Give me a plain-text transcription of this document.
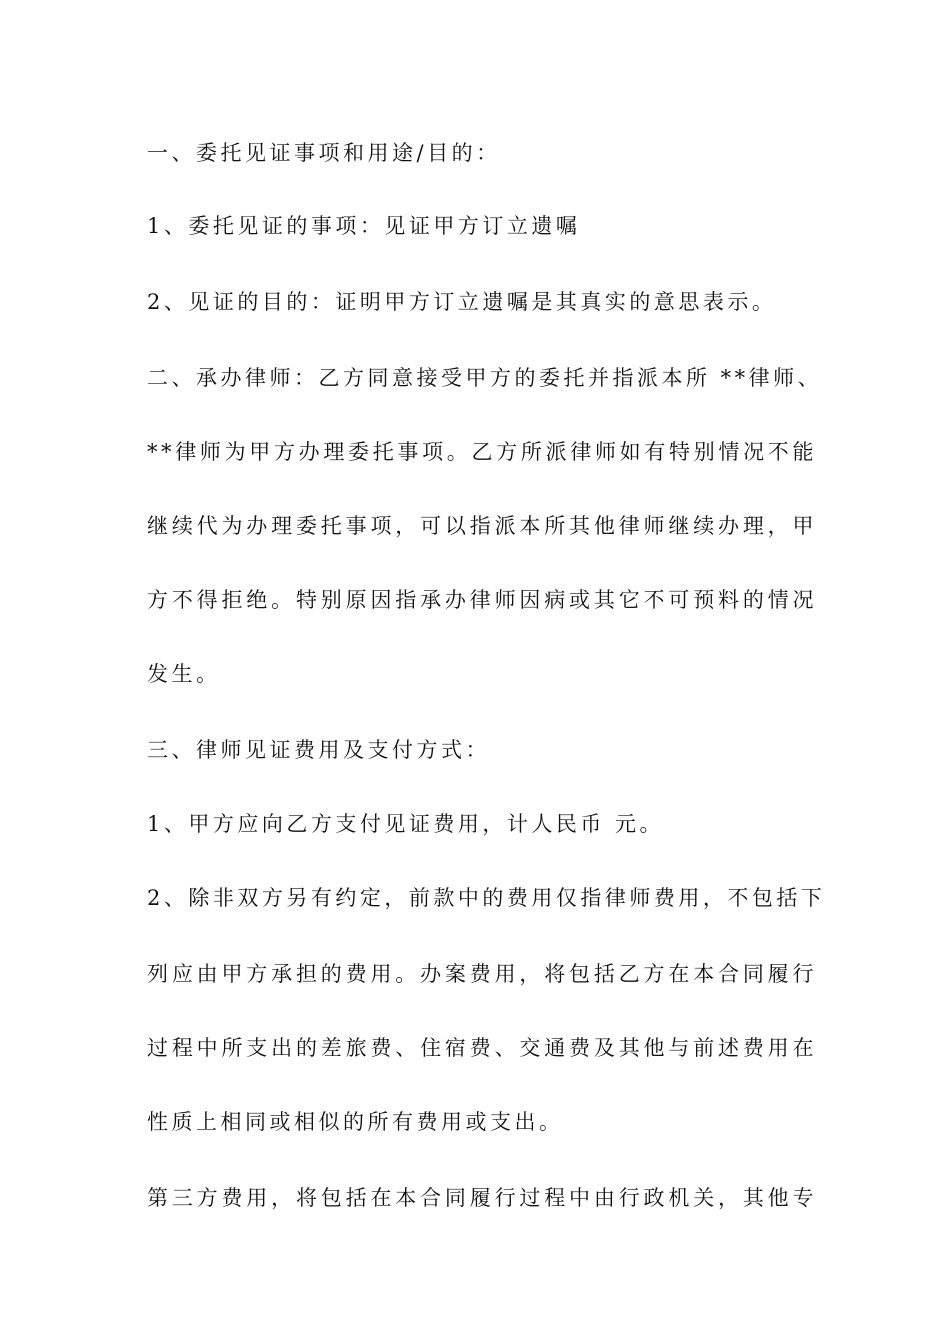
一、委托见证事项和用途/目的：
1、委托见证的事项：见证甲方订立遗嘱
2、见证的目的：证明甲方订立遗嘱是其真实的意思表示。
二、承办律师：乙方同意接受甲方的委托并指派本所 **律师、
**律师为甲方办理委托事项。乙方所派律师如有特别情况不能
继续代为办理委托事项，可以指派本所其他律师继续办理，甲
方不得拒绝。特别原因指承办律师因病或其它不可预料的情况
发生。
三、律师见证费用及支付方式：
1、甲方应向乙方支付见证费用，计人民币 元。
2、除非双方另有约定，前款中的费用仅指律师费用，不包括下
列应由甲方承担的费用。办案费用，将包括乙方在本合同履行
过程中所支出的差旅费、住宿费、交通费及其他与前述费用在
性质上相同或相似的所有费用或支出。
第三方费用，将包括在本合同履行过程中由行政机关，其他专
